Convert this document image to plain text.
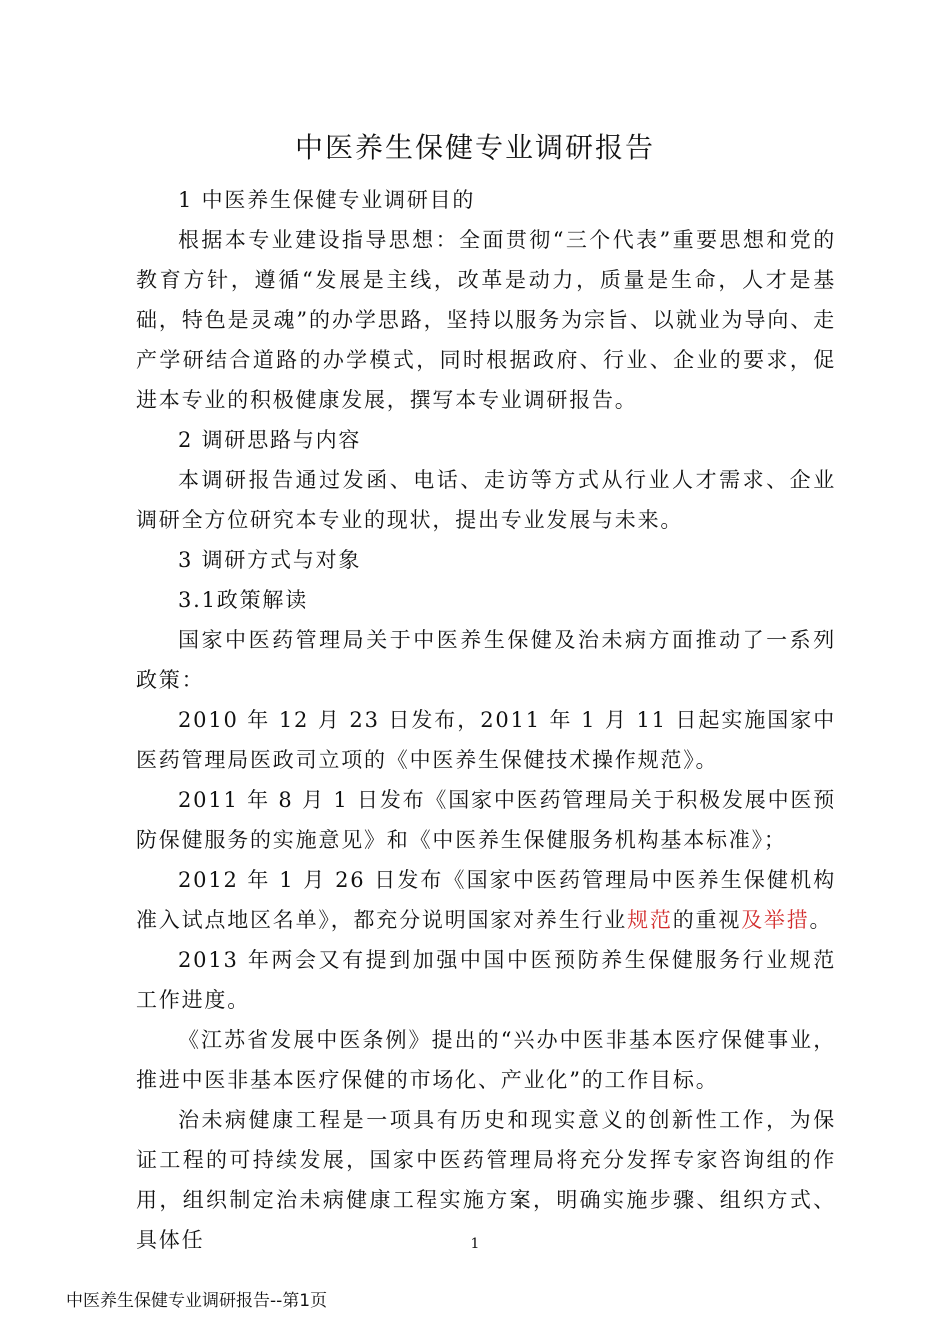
中医养生保健专业调研报告

1 中医养生保健专业调研目的

根据本专业建设指导思想：全面贯彻“三个代表”重要思想和党的教育方针，遵循“发展是主线，改革是动力，质量是生命，人才是基础，特色是灵魂”的办学思路，坚持以服务为宗旨、以就业为导向、走产学研结合道路的办学模式，同时根据政府、行业、企业的要求，促进本专业的积极健康发展，撰写本专业调研报告。

2 调研思路与内容

本调研报告通过发函、电话、走访等方式从行业人才需求、企业调研全方位研究本专业的现状，提出专业发展与未来。

3 调研方式与对象

3.1政策解读

国家中医药管理局关于中医养生保健及治未病方面推动了一系列政策：

2010 年 12 月 23 日发布，2011 年 1 月 11 日起实施国家中医药管理局医政司立项的《中医养生保健技术操作规范》。

2011 年 8 月 1 日发布《国家中医药管理局关于积极发展中医预防保健服务的实施意见》和《中医养生保健服务机构基本标准》；

2012 年 1 月 26 日发布《国家中医药管理局中医养生保健机构准入试点地区名单》，都充分说明国家对养生行业规范的重视及举措。

2013 年两会又有提到加强中国中医预防养生保健服务行业规范工作进度。

《江苏省发展中医条例》提出的“兴办中医非基本医疗保健事业，推进中医非基本医疗保健的市场化、产业化”的工作目标。

治未病健康工程是一项具有历史和现实意义的创新性工作，为保证工程的可持续发展，国家中医药管理局将充分发挥专家咨询组的作用，组织制定治未病健康工程实施方案，明确实施步骤、组织方式、具体任	1
中医养生保健专业调研报告--第1页
